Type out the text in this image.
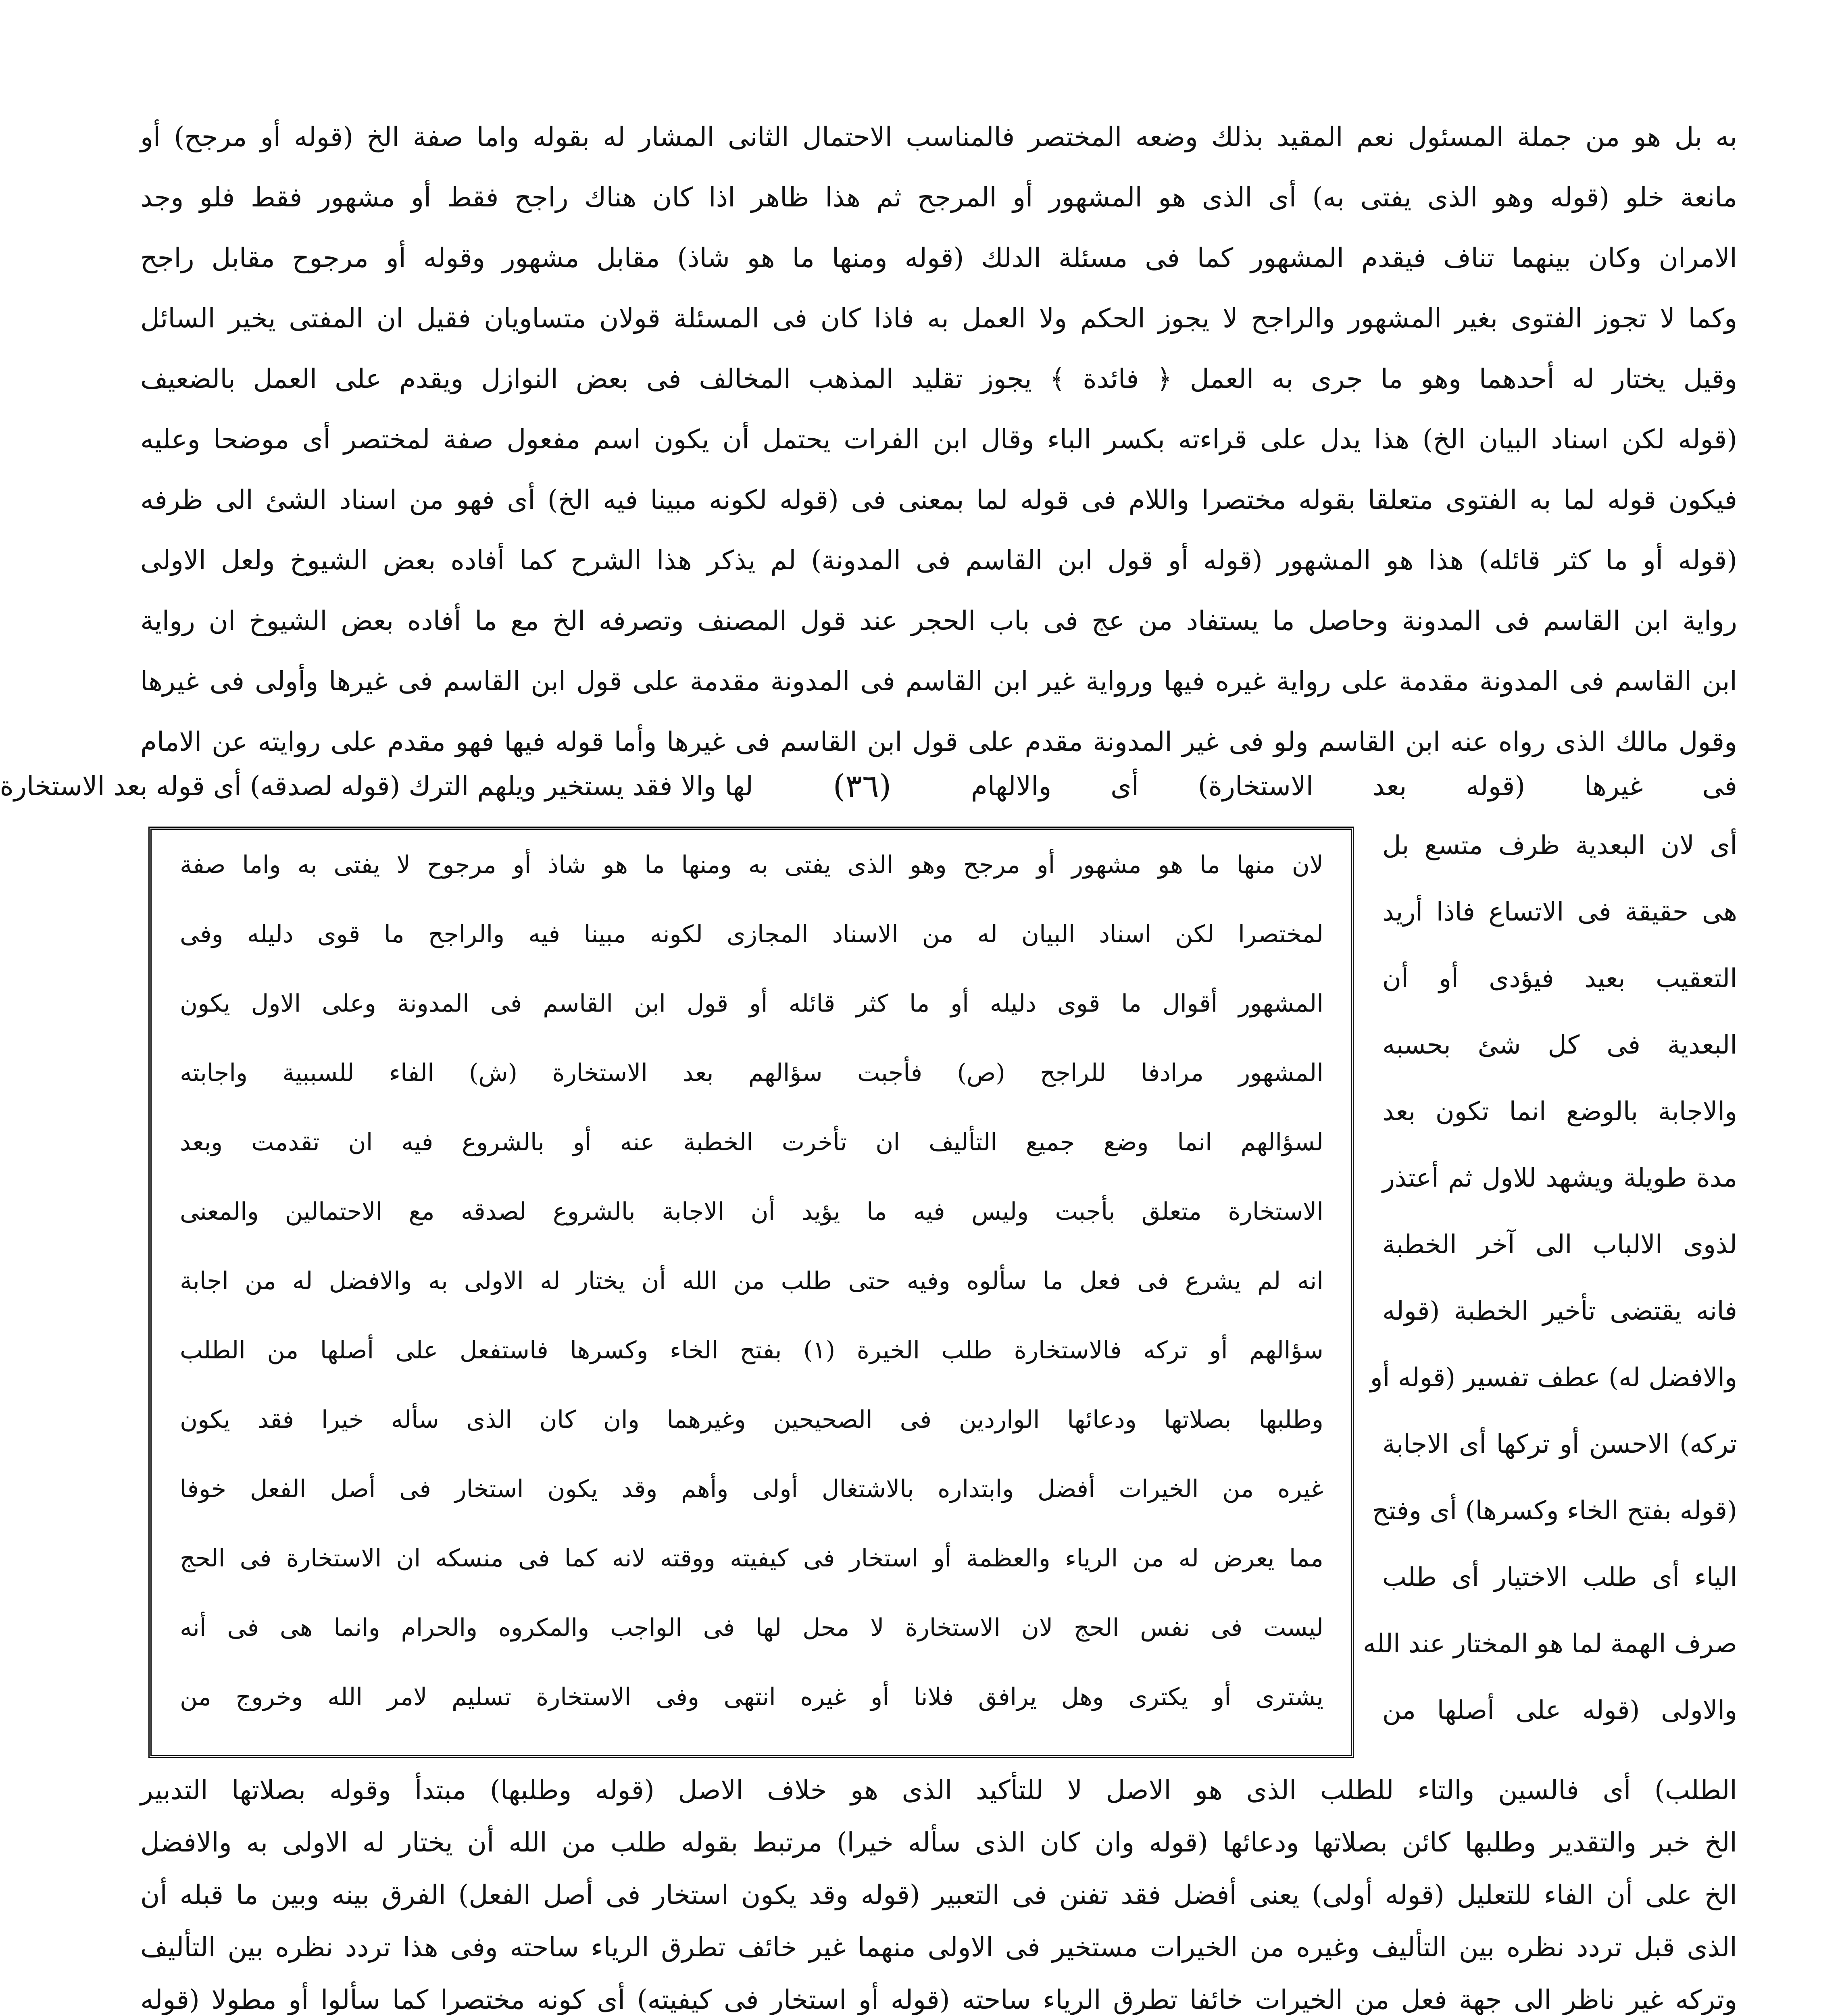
به بل هو من جملة المسئول نعم المقيد بذلك وضعه المختصر فالمناسب الاحتمال الثانى المشار له بقوله واما صفة الخ (قوله أو مرجح) أو
مانعة خلو (قوله وهو الذى يفتى به) أى الذى هو المشهور أو المرجح ثم هذا ظاهر اذا كان هناك راجح فقط أو مشهور فقط فلو وجد
الامران وكان بينهما تناف فيقدم المشهور كما فى مسئلة الدلك (قوله ومنها ما هو شاذ) مقابل مشهور وقوله أو مرجوح مقابل راجح
وكما لا تجوز الفتوى بغير المشهور والراجح لا يجوز الحكم ولا العمل به فاذا كان فى المسئلة قولان متساويان فقيل ان المفتى يخير السائل
وقيل يختار له أحدهما وهو ما جرى به العمل ﴿ فائدة ﴾ يجوز تقليد المذهب المخالف فى بعض النوازل ويقدم على العمل بالضعيف
(قوله لكن اسناد البيان الخ) هذا يدل على قراءته بكسر الباء وقال ابن الفرات يحتمل أن يكون اسم مفعول صفة لمختصر أى موضحا وعليه
فيكون قوله لما به الفتوى متعلقا بقوله مختصرا واللام فى قوله لما بمعنى فى (قوله لكونه مبينا فيه الخ) أى فهو من اسناد الشئ الى ظرفه
(قوله أو ما كثر قائله) هذا هو المشهور (قوله أو قول ابن القاسم فى المدونة) لم يذكر هذا الشرح كما أفاده بعض الشيوخ ولعل الاولى
رواية ابن القاسم فى المدونة وحاصل ما يستفاد من عج فى باب الحجر عند قول المصنف وتصرفه الخ مع ما أفاده بعض الشيوخ ان رواية
ابن القاسم فى المدونة مقدمة على رواية غيره فيها ورواية غير ابن القاسم فى المدونة مقدمة على قول ابن القاسم فى غيرها وأولى فى غيرها
وقول مالك الذى رواه عنه ابن القاسم ولو فى غير المدونة مقدم على قول ابن القاسم فى غيرها وأما قوله فيها فهو مقدم على روايته عن الامام
فى غيرها (قوله بعد الاستخارة) أى والالهام
(٣٦)
لها والا فقد يستخير ويلهم الترك (قوله لصدقه) أى قوله بعد الاستخارة
لان منها ما هو مشهور أو مرجح وهو الذى يفتى به ومنها ما هو شاذ أو مرجوح لا يفتى به واما صفة
لمختصرا لكن اسناد البيان له من الاسناد المجازى لكونه مبينا فيه والراجح ما قوى دليله وفى
المشهور أقوال ما قوى دليله أو ما كثر قائله أو قول ابن القاسم فى المدونة وعلى الاول يكون
المشهور مرادفا للراجح (ص) فأجبت سؤالهم بعد الاستخارة (ش) الفاء للسببية واجابته
لسؤالهم انما وضع جميع التأليف ان تأخرت الخطبة عنه أو بالشروع فيه ان تقدمت وبعد
الاستخارة متعلق بأجبت وليس فيه ما يؤيد أن الاجابة بالشروع لصدقه مع الاحتمالين والمعنى
انه لم يشرع فى فعل ما سألوه وفيه حتى طلب من الله أن يختار له الاولى به والافضل له من اجابة
سؤالهم أو تركه فالاستخارة طلب الخيرة (١) بفتح الخاء وكسرها فاستفعل على أصلها من الطلب
وطلبها بصلاتها ودعائها الواردين فى الصحيحين وغيرهما وان كان الذى سأله خيرا فقد يكون
غيره من الخيرات أفضل وابتداره بالاشتغال أولى وأهم وقد يكون استخار فى أصل الفعل خوفا
مما يعرض له من الرياء والعظمة أو استخار فى كيفيته ووقته لانه كما فى منسكه ان الاستخارة فى الحج
ليست فى نفس الحج لان الاستخارة لا محل لها فى الواجب والمكروه والحرام وانما هى فى أنه
يشترى أو يكترى وهل يرافق فلانا أو غيره انتهى وفى الاستخارة تسليم لامر الله وخروج من
أى لان البعدية ظرف متسع بل
هى حقيقة فى الاتساع فاذا أريد
التعقيب بعيد فيؤدى أو أن
البعدية فى كل شئ بحسبه
والاجابة بالوضع انما تكون بعد
مدة طويلة ويشهد للاول ثم أعتذر
لذوى الالباب الى آخر الخطبة
فانه يقتضى تأخير الخطبة (قوله
والافضل له) عطف تفسير (قوله أو
تركه) الاحسن أو تركها أى الاجابة
(قوله بفتح الخاء وكسرها) أى وفتح
الياء أى طلب الاختيار أى طلب
صرف الهمة لما هو المختار عند الله
والاولى (قوله على أصلها من
الطلب) أى فالسين والتاء للطلب الذى هو الاصل لا للتأكيد الذى هو خلاف الاصل (قوله وطلبها) مبتدأ وقوله بصلاتها التدبير
الخ خبر والتقدير وطلبها كائن بصلاتها ودعائها (قوله وان كان الذى سأله خيرا) مرتبط بقوله طلب من الله أن يختار له الاولى به والافضل
الخ على أن الفاء للتعليل (قوله أولى) يعنى أفضل فقد تفنن فى التعبير (قوله وقد يكون استخار فى أصل الفعل) الفرق بينه وبين ما قبله أن
الذى قبل تردد نظره بين التأليف وغيره من الخيرات مستخير فى الاولى منهما غير خائف تطرق الرياء ساحته وفى هذا تردد نظره بين التأليف
وتركه غير ناظر الى جهة فعل من الخيرات خائفا تطرق الرياء ساحته (قوله أو استخار فى كيفيته) أى كونه مختصرا كما سألوا أو مطولا (قوله
